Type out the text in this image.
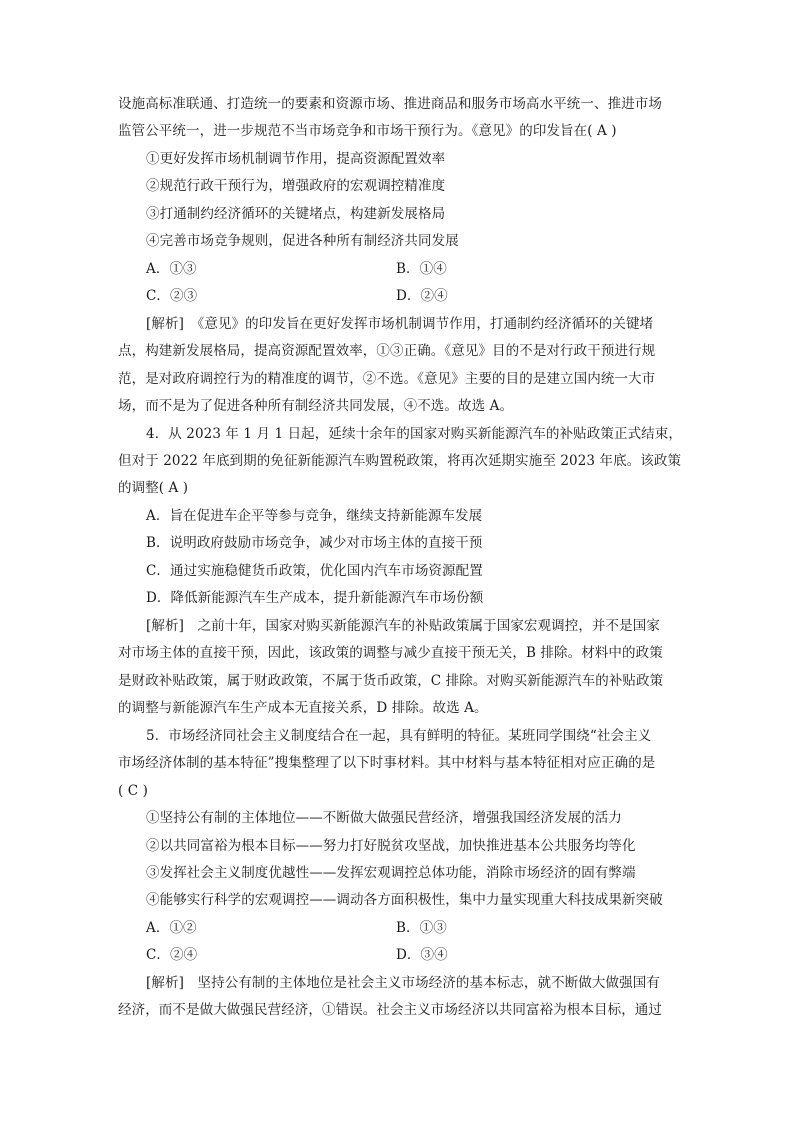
设施高标准联通、打造统一的要素和资源市场、推进商品和服务市场高水平统一、推进市场
监管公平统一，进一步规范不当市场竞争和市场干预行为。《意见》的印发旨在( A )
①更好发挥市场机制调节作用，提高资源配置效率
②规范行政干预行为，增强政府的宏观调控精准度
③打通制约经济循环的关键堵点，构建新发展格局
④完善市场竞争规则，促进各种所有制经济共同发展
A．①③	B．①④
C．②③	D．②④
[解析]　《意见》的印发旨在更好发挥市场机制调节作用，打通制约经济循环的关键堵
点，构建新发展格局，提高资源配置效率，①③正确。《意见》目的不是对行政干预进行规
范，是对政府调控行为的精准度的调节，②不选。《意见》主要的目的是建立国内统一大市
场，而不是为了促进各种所有制经济共同发展，④不选。故选 A。
4．从 2023 年 1 月 1 日起，延续十余年的国家对购买新能源汽车的补贴政策正式结束，
但对于 2022 年底到期的免征新能源汽车购置税政策，将再次延期实施至 2023 年底。该政策
的调整( A )
A．旨在促进车企平等参与竞争，继续支持新能源车发展
B．说明政府鼓励市场竞争，减少对市场主体的直接干预
C．通过实施稳健货币政策，优化国内汽车市场资源配置
D．降低新能源汽车生产成本，提升新能源汽车市场份额
[解析]　之前十年，国家对购买新能源汽车的补贴政策属于国家宏观调控，并不是国家
对市场主体的直接干预，因此，该政策的调整与减少直接干预无关，B 排除。材料中的政策
是财政补贴政策，属于财政政策，不属于货币政策，C 排除。对购买新能源汽车的补贴政策
的调整与新能源汽车生产成本无直接关系，D 排除。故选 A。
5．市场经济同社会主义制度结合在一起，具有鲜明的特征。某班同学围绕“社会主义
市场经济体制的基本特征”搜集整理了以下时事材料。其中材料与基本特征相对应正确的是
( C )
①坚持公有制的主体地位——不断做大做强民营经济，增强我国经济发展的活力
②以共同富裕为根本目标——努力打好脱贫攻坚战，加快推进基本公共服务均等化
③发挥社会主义制度优越性——发挥宏观调控总体功能，消除市场经济的固有弊端
④能够实行科学的宏观调控——调动各方面积极性，集中力量实现重大科技成果新突破
A．①②	B．①③
C．②④	D．③④
[解析]　坚持公有制的主体地位是社会主义市场经济的基本标志，就不断做大做强国有
经济，而不是做大做强民营经济，①错误。社会主义市场经济以共同富裕为根本目标，通过
